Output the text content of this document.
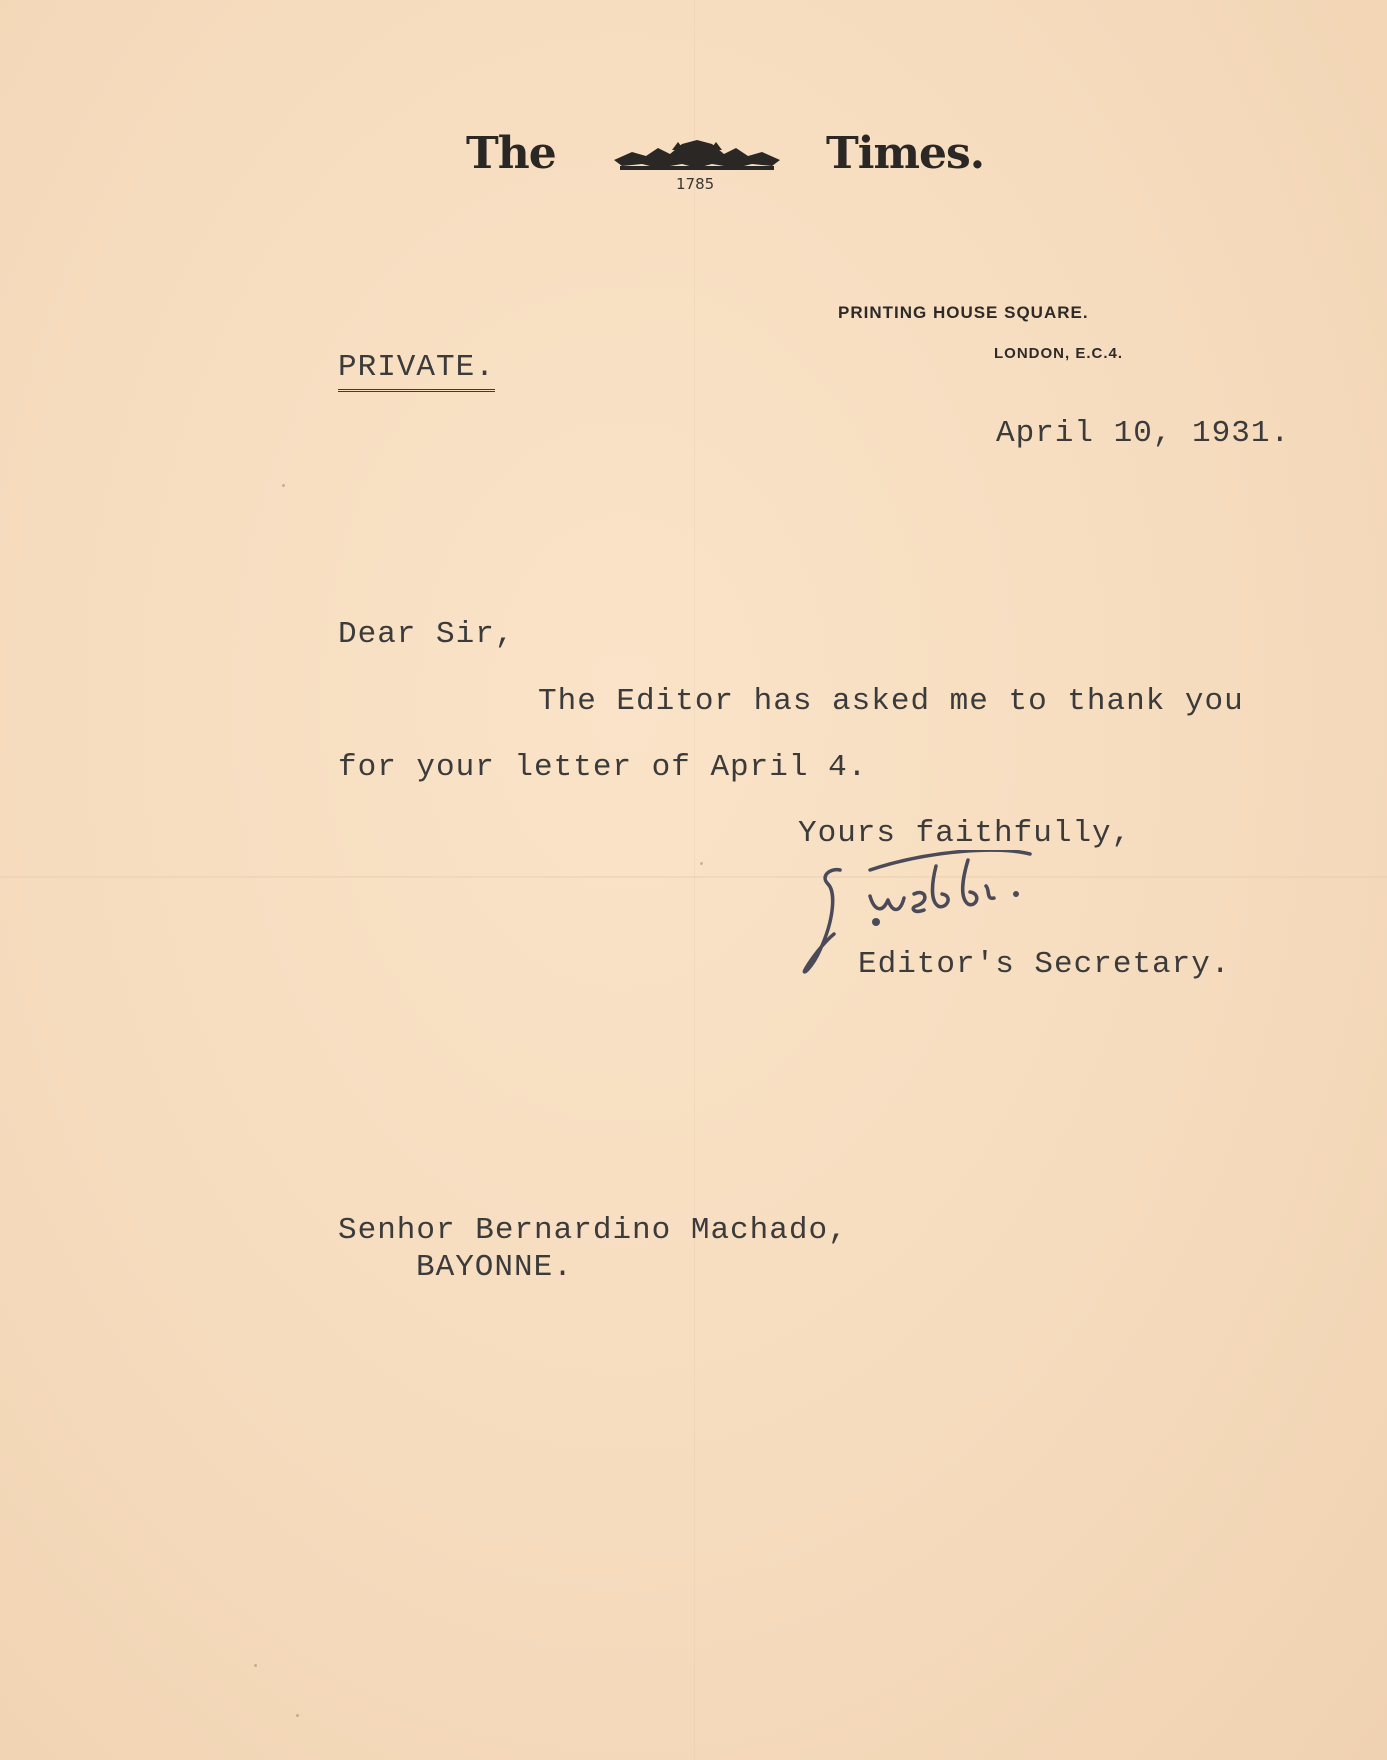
The
1785
Times.
PRINTING HOUSE SQUARE.
LONDON, E.C.4.
PRIVATE.
April 10, 1931.
Dear Sir,
The Editor has asked me to thank you
for your letter of April 4.
Yours faithfully,
Editor's Secretary.
Senhor Bernardino Machado,
BAYONNE.
